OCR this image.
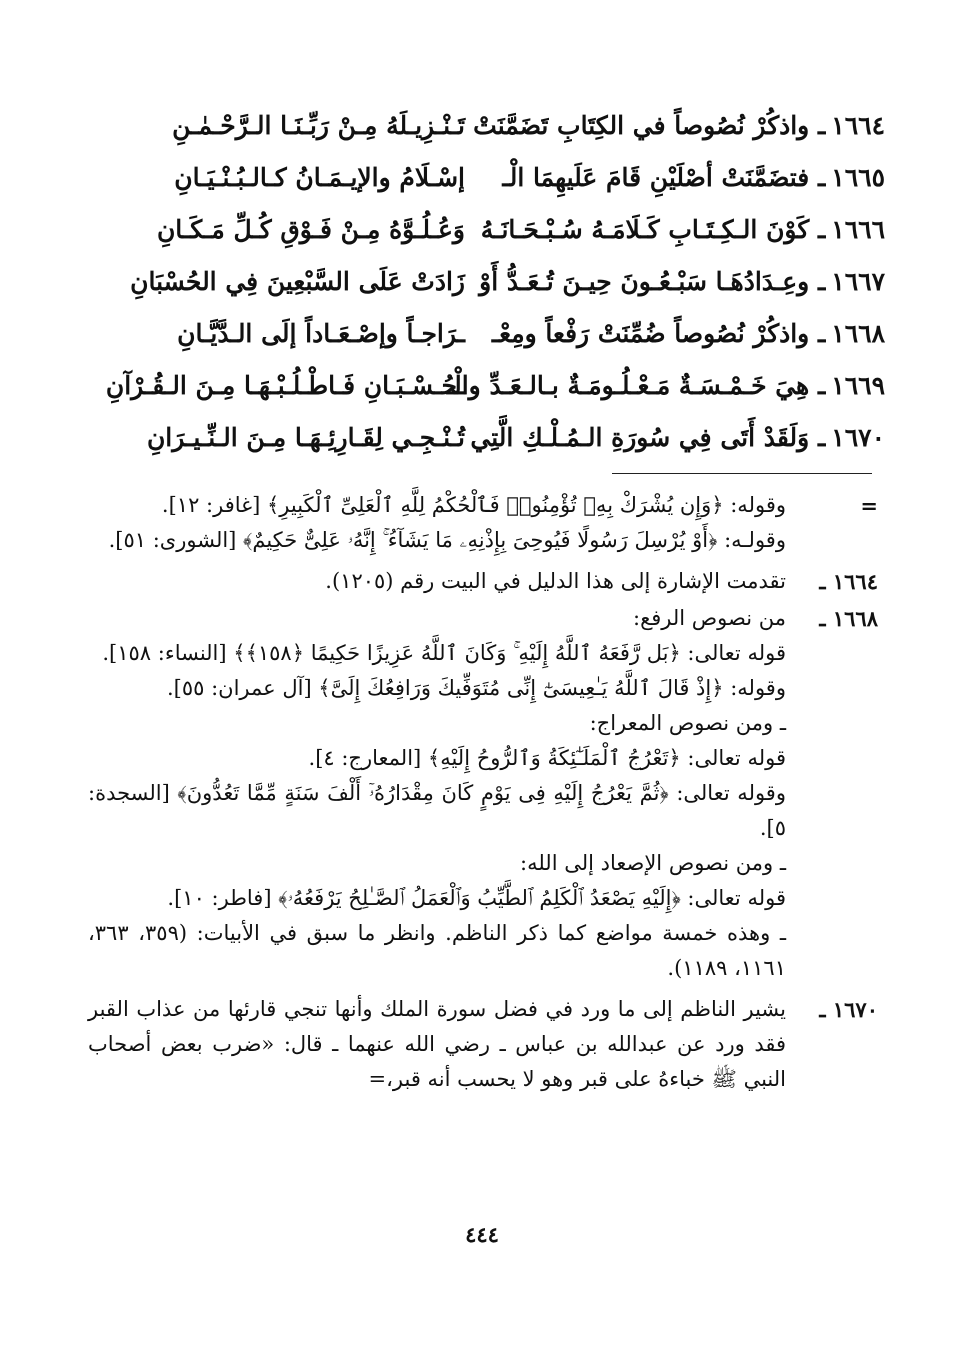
١٦٦٤ـ واذكُرْ نُصُوصاً في الكِتَابِ تَضَمَّنَتْ
تَـنْـزِيـلَهُ مِـنْ رَبِّـنَـا الـرَّحْـمٰـنِ
١٦٦٥ـ فتضَمَّنَتْ أصْلَيْنِ قَامَ عَلَيهِمَا الْـ
إسْـلَامُ والإيـمَـانُ كـالـبُـنْـيَـانِ
١٦٦٦ـ كَوْنَ الـكِـتَـابِ كَـلَامَـهُ سُـبْـحَـانَـهُ
وَعُـلُـوَّهُ مِـنْ فَـوْقِ كُـلِّ مَـكَـانِ
١٦٦٧ـ وعِـدَادُهَـا سَبْـعُـونَ حِيـنَ تُـعَـدُّ أَوْ
زَادَتْ عَلَى السَّبْعِينَ فِي الحُسْبَانِ
١٦٦٨ـ واذكُرْ نُصُوصاً ضُمِّنَتْ رَفْعاً ومِعْـ
ـرَاجـاً وإصْـعَـاداً إلَى الـدَّيَّـانِ
١٦٦٩ـ هِيَ خَـمْـسَـةٌ مَـعْـلُـومَـةٌ بـالـعَـدِّ والْـ
ـحُـسْـبَـانِ فَـاطْـلُـبْـهَـا مِـنَ الـقُـرْآنِ
١٦٧٠ـ وَلَقَدْ أَتَى فِي سُورَةِ الـمُـلْـكِ الَّتِي
تُـنْـجِـي لِقَـارِئِـهَـا مِـنَ الـنِّـيـرَانِ
=

وقوله: ﴿وَإِن يُشْرَكْ بِهِۦ تُؤْمِنُوا۟ فَٱلْحُكْمُ لِلَّهِ ٱلْعَلِىِّ ٱلْكَبِيرِ﴾ [غافر: ١٢].

وقولـه: ﴿أَوْ يُرْسِلَ رَسُولًا فَيُوحِىَ بِإِذْنِهِۦ مَا يَشَآءُ ۚ إِنَّهُۥ عَلِىٌّ حَكِيمٌ﴾ [الشورى: ٥١].

١٦٦٤ ـ

تقدمت الإشارة إلى هذا الدليل في البيت رقم (١٢٠٥).

١٦٦٨ ـ

من نصوص الرفع:

قوله تعالى: ﴿بَل رَّفَعَهُ ٱللَّهُ إِلَيْهِ ۚ وَكَانَ ٱللَّهُ عَزِيزًا حَكِيمًا ﴿١٥٨﴾﴾ [النساء: ١٥٨].

وقوله: ﴿إِذْ قَالَ ٱللَّهُ يَـٰعِيسَىٰٓ إِنِّى مُتَوَفِّيكَ وَرَافِعُكَ إِلَىَّ﴾ [آل عمران: ٥٥].

ـ ومن نصوص المعراج:

قوله تعالى: ﴿تَعْرُجُ ٱلْمَلَـٰٓئِكَةُ وَٱلرُّوحُ إِلَيْهِ﴾ [المعارج: ٤].

وقوله تعالى: ﴿ثُمَّ يَعْرُجُ إِلَيْهِ فِى يَوْمٍ كَانَ مِقْدَارُهُۥٓ أَلْفَ سَنَةٍ مِّمَّا تَعُدُّونَ﴾ [السجدة: ٥].

ـ ومن نصوص الإصعاد إلى الله:

قوله تعالى: ﴿إِلَيْهِ يَصْعَدُ ٱلْكَلِمُ ٱلطَّيِّبُ وَٱلْعَمَلُ ٱلصَّـٰلِحُ يَرْفَعُهُۥ﴾ [فاطر: ١٠].

ـ وهذه خمسة مواضع كما ذكر الناظم. وانظر ما سبق في الأبيات: (٣٥٩، ٣٦٣، ١١٦١، ١١٨٩).

١٦٧٠ ـ

يشير الناظم إلى ما ورد في فضل سورة الملك وأنها تنجي قارئها من عذاب القبر فقد ورد عن عبدالله بن عباس ـ رضي الله عنهما ـ قال: «ضرب بعض أصحاب النبي ﷺ خباءهُ على قبر وهو لا يحسب أنه قبر،=

٤٤٤
